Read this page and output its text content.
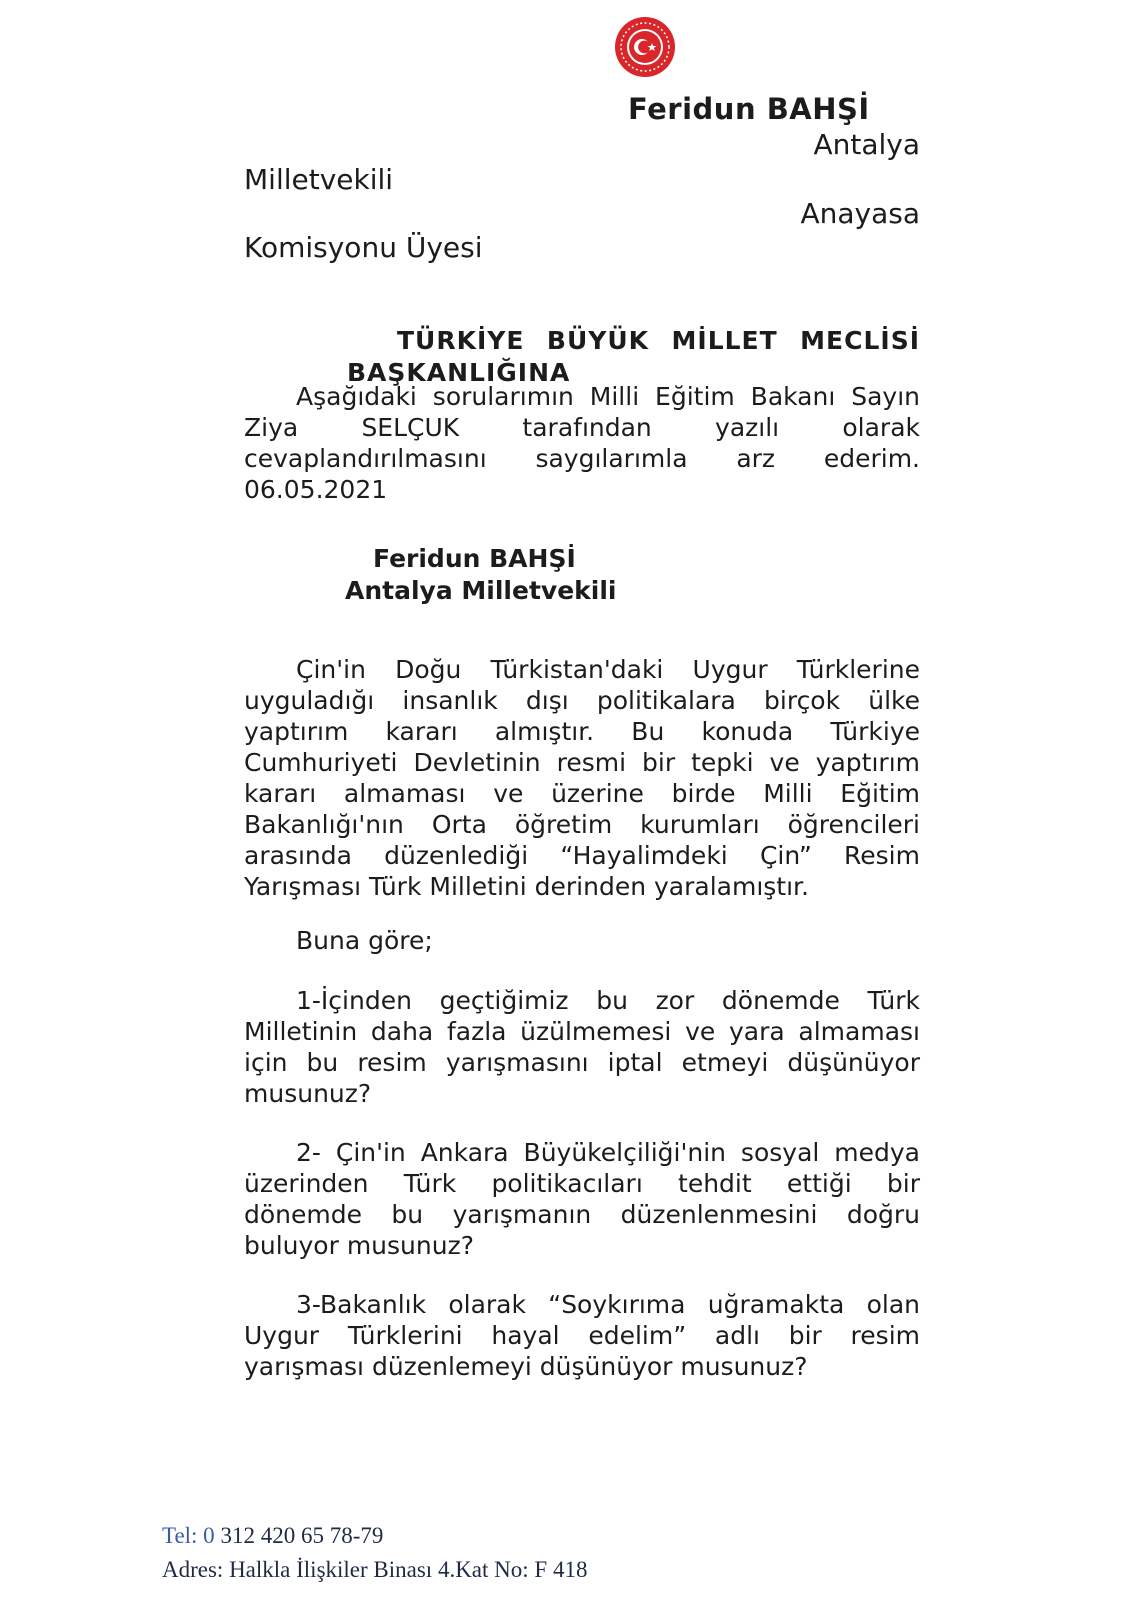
Feridun BAHŞİ
Antalya
Milletvekili
Anayasa
Komisyonu Üyesi
TÜRKİYE BÜYÜK MİLLET MECLİSİ
BAŞKANLIĞINA
Aşağıdaki sorularımın Milli Eğitim Bakanı Sayın
Ziya SELÇUK tarafından yazılı olarak
cevaplandırılmasını saygılarımla arz ederim.
06.05.2021
Feridun BAHŞİ
Antalya Milletvekili
Çin'in Doğu Türkistan'daki Uygur Türklerine
uyguladığı insanlık dışı politikalara birçok ülke
yaptırım kararı almıştır. Bu konuda Türkiye
Cumhuriyeti Devletinin resmi bir tepki ve yaptırım
kararı almaması ve üzerine birde Milli Eğitim
Bakanlığı'nın Orta öğretim kurumları öğrencileri
arasında düzenlediği “Hayalimdeki Çin” Resim
Yarışması Türk Milletini derinden yaralamıştır.
Buna göre;
1-İçinden geçtiğimiz bu zor dönemde Türk
Milletinin daha fazla üzülmemesi ve yara almaması
için bu resim yarışmasını iptal etmeyi düşünüyor
musunuz?
2- Çin'in Ankara Büyükelçiliği'nin sosyal medya
üzerinden Türk politikacıları tehdit ettiği bir
dönemde bu yarışmanın düzenlenmesini doğru
buluyor musunuz?
3-Bakanlık olarak “Soykırıma uğramakta olan
Uygur Türklerini hayal edelim” adlı bir resim
yarışması düzenlemeyi düşünüyor musunuz?
Tel: 0 312 420 65 78-79
Adres: Halkla İlişkiler Binası 4.Kat No: F 418
